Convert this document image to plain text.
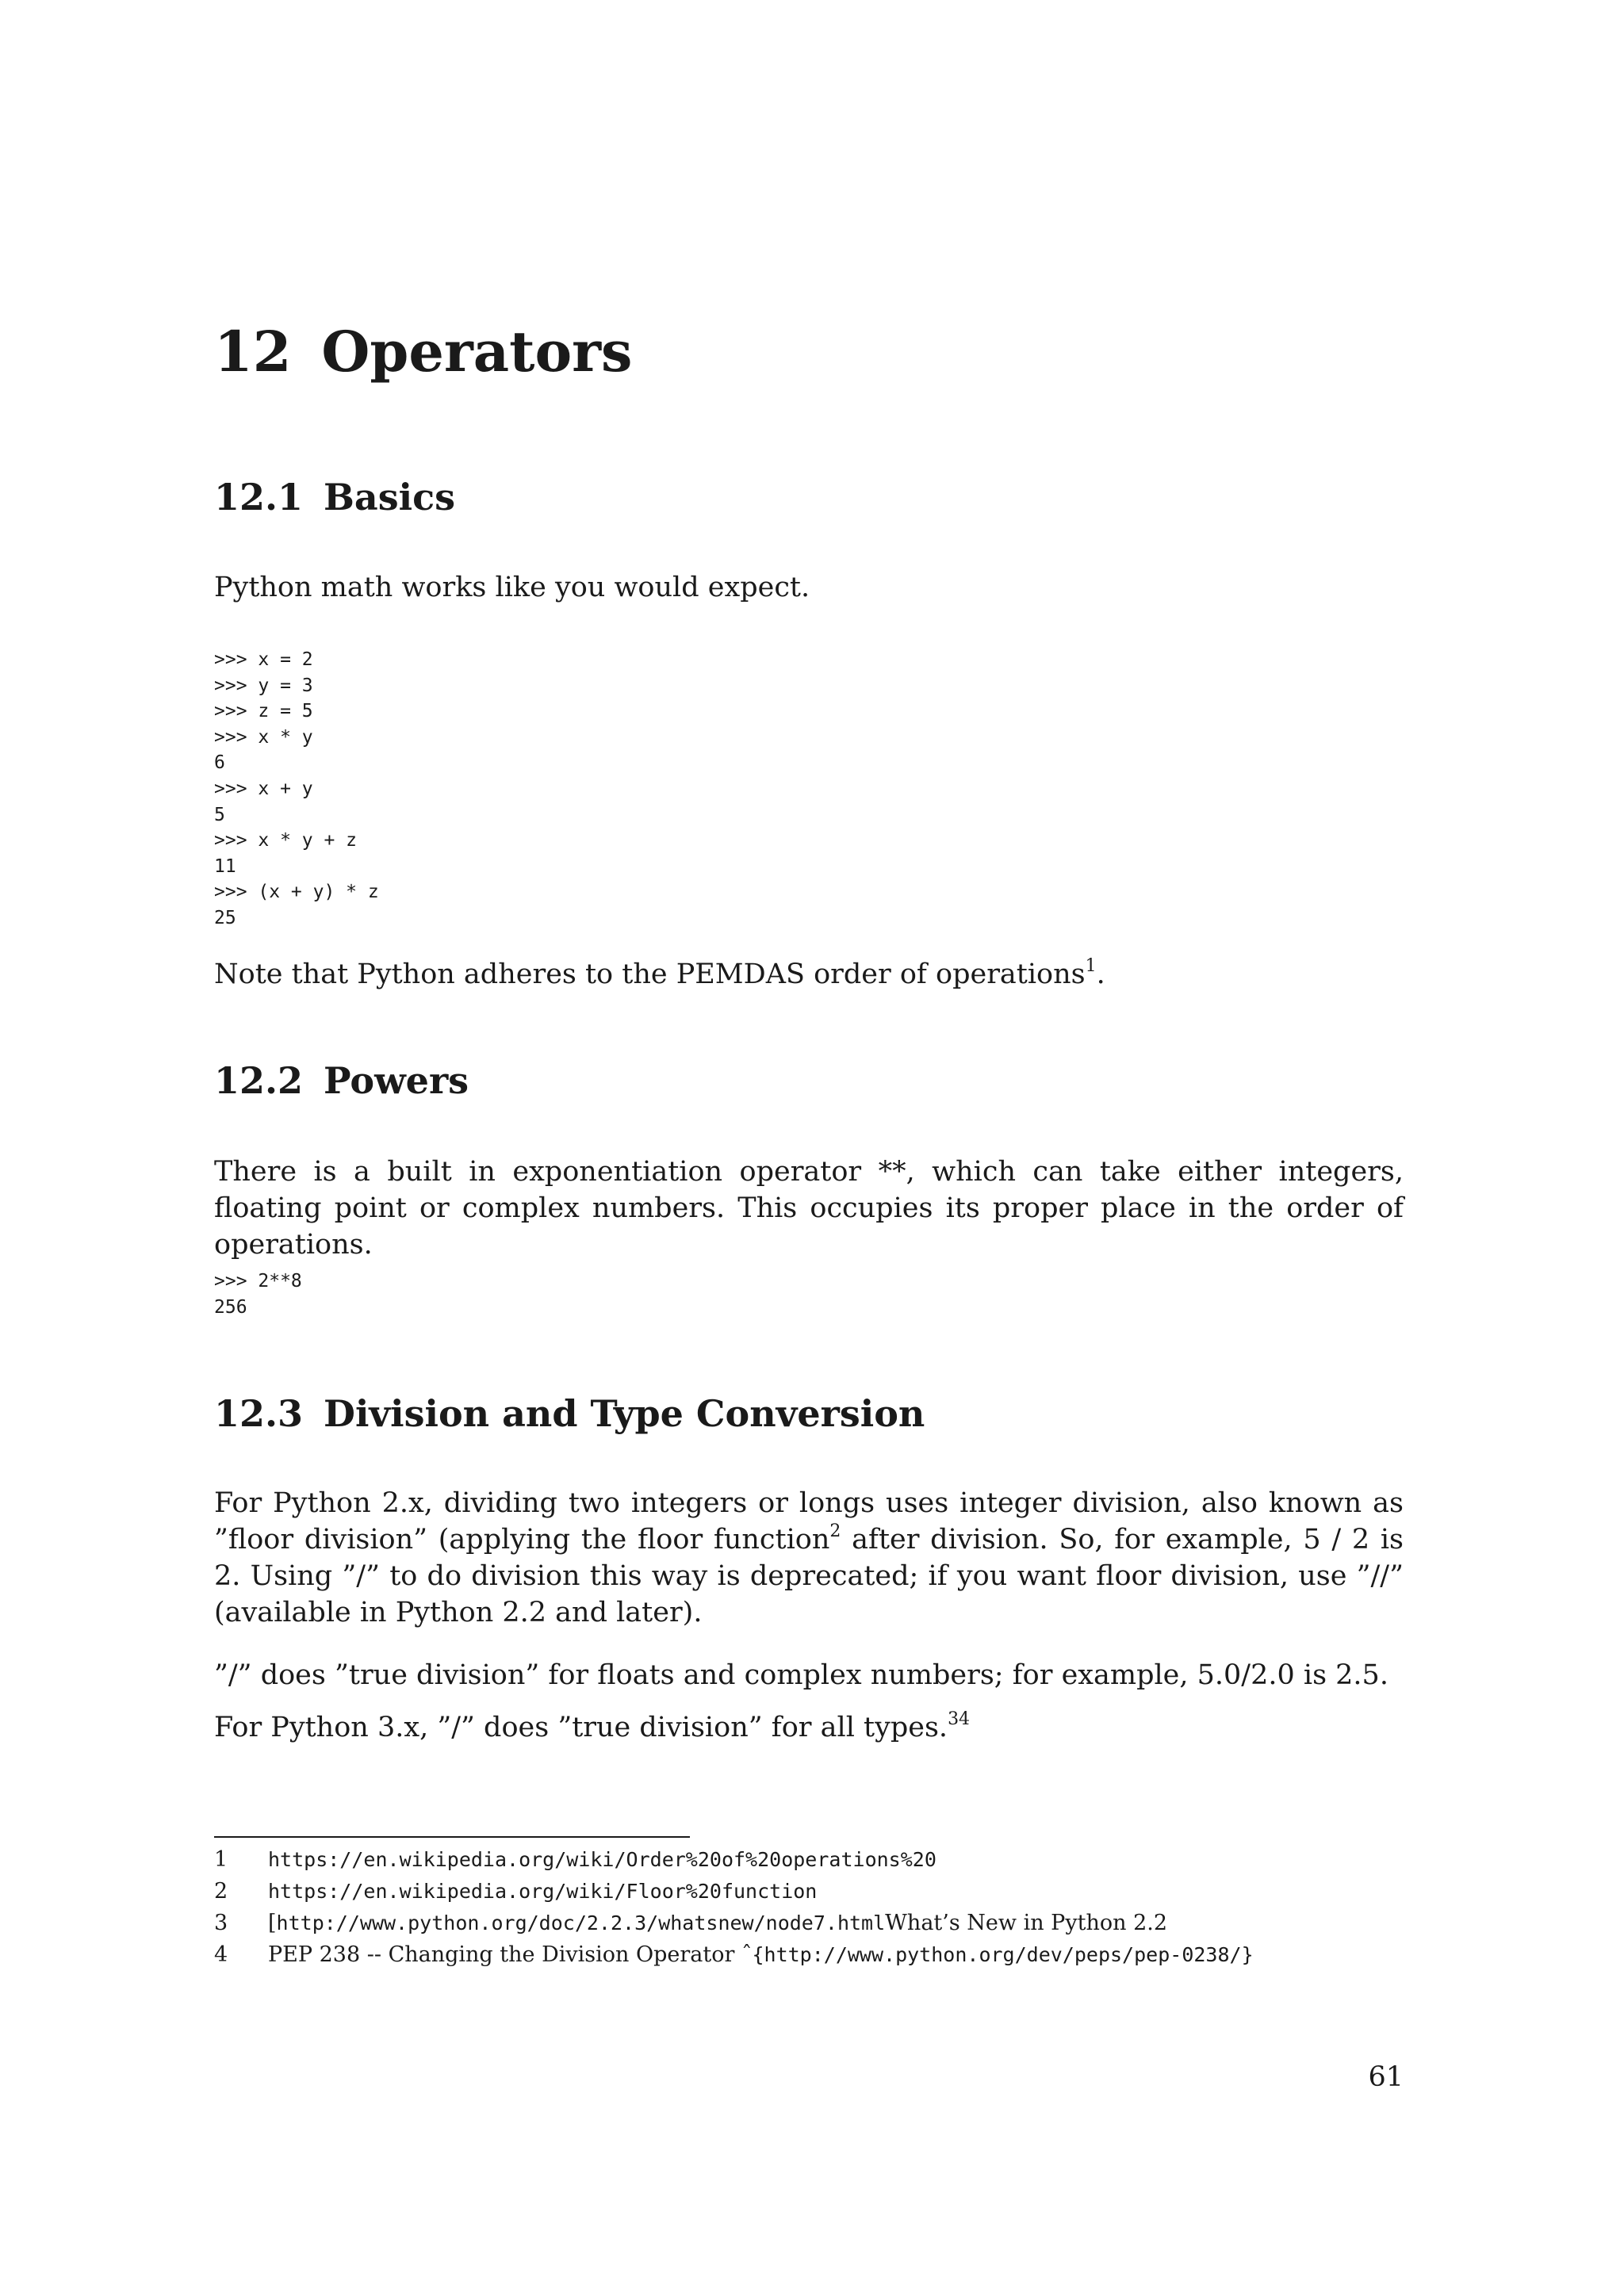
12 Operators
12.1 Basics

Python math works like you would expect.

>>> x = 2
>>> y = 3
>>> z = 5
>>> x * y
6
>>> x + y
5
>>> x * y + z
11
>>> (x + y) * z
25

Note that Python adheres to the PEMDAS order of operations$^1$.

12.2 Powers

There is a built in exponentiation operator **, which can take either integers, floating point or complex numbers. This occupies its proper place in the order of operations.

>>> 2**8
256
12.3 Division and Type Conversion

For Python 2.x, dividing two integers or longs uses integer division, also known as ”floor division” (applying the floor function$^2$ after division. So, for example, 5 / 2 is 2. Using ”/” to do division this way is deprecated; if you want floor division, use ”//” (available in Python 2.2 and later).

”/” does ”true division” for floats and complex numbers; for example, 5.0/2.0 is 2.5.

For Python 3.x, ”/” does ”true division” for all types.$^{34}$

1	https://en.wikipedia.org/wiki/Order%20of%20operations%20
2	https://en.wikipedia.org/wiki/Floor%20function
3	[ http://www.python.org/doc/2.2.3/whatsnew/node7.html What’s New in Python 2.2
4	PEP 238 -- Changing the Division Operator ˆ {http://www.python.org/dev/peps/pep-0238/}
61
